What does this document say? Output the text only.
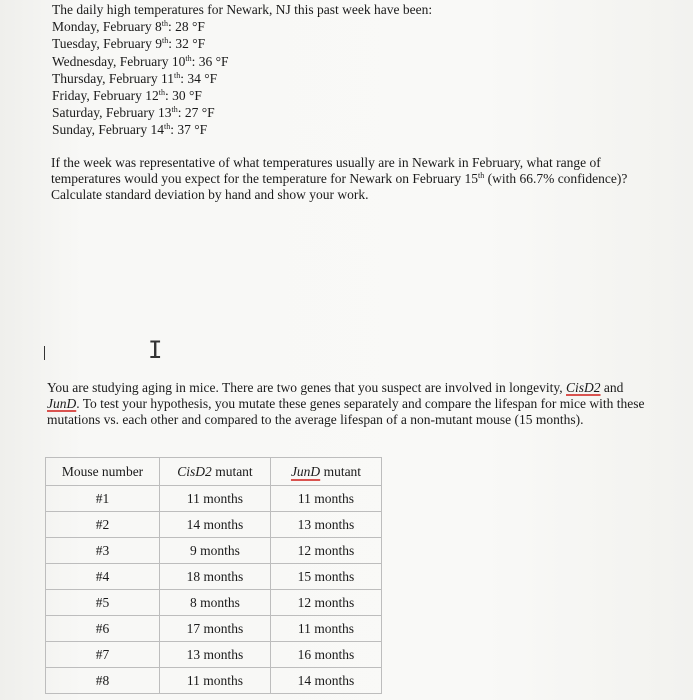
The daily high temperatures for Newark, NJ this past week have been:
Monday, February 8th: 28 °F
Tuesday, February 9th: 32 °F
Wednesday, February 10th: 36 °F
Thursday, February 11th: 34 °F
Friday, February 12th: 30 °F
Saturday, February 13th: 27 °F
Sunday, February 14th: 37 °F
If the week was representative of what temperatures usually are in Newark in February, what range of temperatures would you expect for the temperature for Newark on February 15th (with 66.7% confidence)? Calculate standard deviation by hand and show your work.
I
You are studying aging in mice. There are two genes that you suspect are involved in longevity, CisD2 and JunD. To test your hypothesis, you mutate these genes separately and compare the lifespan for mice with these mutations vs. each other and compared to the average lifespan of a non-mutant mouse (15 months).
Mouse number	CisD2 mutant	JunD mutant
#1	11 months	11 months
#2	14 months	13 months
#3	9 months	12 months
#4	18 months	15 months
#5	8 months	12 months
#6	17 months	11 months
#7	13 months	16 months
#8	11 months	14 months
